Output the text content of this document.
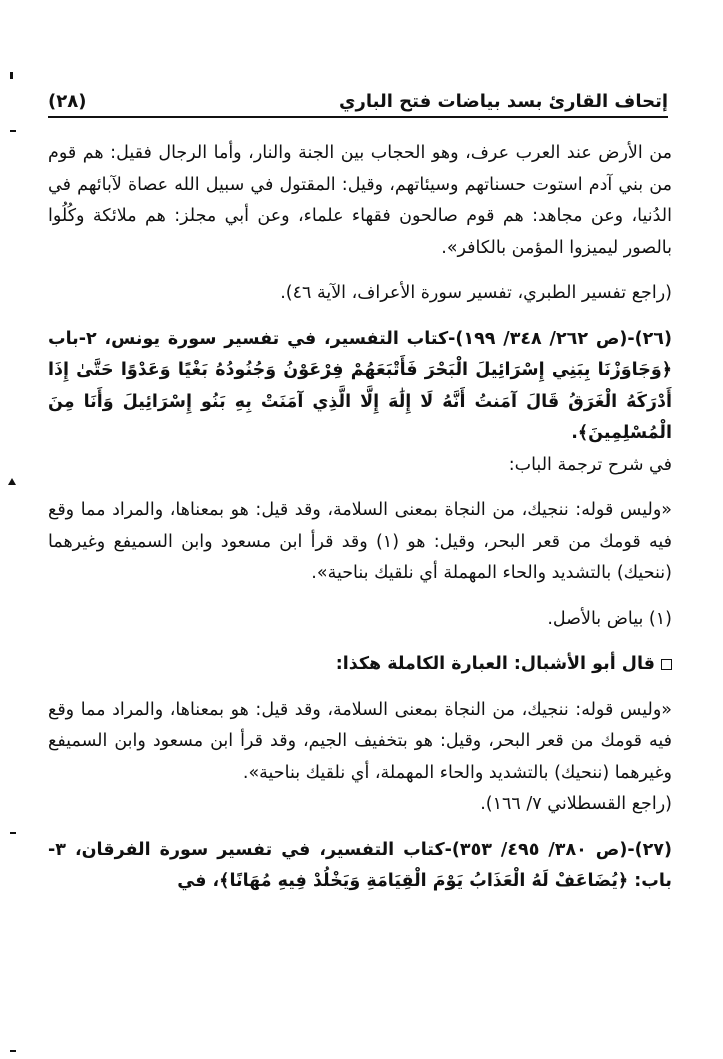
إتحاف القارئ بسد بياضات فتح الباري
(٢٨)

من الأرض عند العرب عرف، وهو الحجاب بين الجنة والنار، وأما الرجال فقيل: هم قوم من بني آدم استوت حسناتهم وسيئاتهم، وقيل: المقتول في سبيل الله عصاة لآبائهم في الدُنيا، وعن مجاهد: هم قوم صالحون فقهاء علماء، وعن أبي مجلز: هم ملائكة وكُلُوا بالصور ليميزوا المؤمن بالكافر».

(راجع تفسير الطبري، تفسير سورة الأعراف، الآية ٤٦).

(٢٦)-(ص ٢٦٢/ ٣٤٨/ ١٩٩)-كتاب التفسير، في تفسير سورة يونس، ٢-باب ﴿وَجَاوَزْنَا بِبَنِي إِسْرَائِيلَ الْبَحْرَ فَأَتْبَعَهُمْ فِرْعَوْنُ وَجُنُودُهُ بَغْيًا وَعَدْوًا حَتَّىٰ إِذَا أَدْرَكَهُ الْغَرَقُ قَالَ آمَنتُ أَنَّهُ لَا إِلَٰهَ إِلَّا الَّذِي آمَنَتْ بِهِ بَنُو إِسْرَائِيلَ وَأَنَا مِنَ الْمُسْلِمِينَ﴾.

في شرح ترجمة الباب:

«وليس قوله: ننجيك، من النجاة بمعنى السلامة، وقد قيل: هو بمعناها، والمراد مما وقع فيه قومك من قعر البحر، وقيل: هو (١) وقد قرأ ابن مسعود وابن السميفع وغيرهما (ننحيك) بالتشديد والحاء المهملة أي نلقيك بناحية».

(١) بياض بالأصل.

قال أبو الأشبال: العبارة الكاملة هكذا:

«وليس قوله: ننجيك، من النجاة بمعنى السلامة، وقد قيل: هو بمعناها، والمراد مما وقع فيه قومك من قعر البحر، وقيل: هو بتخفيف الجيم، وقد قرأ ابن مسعود وابن السميفع وغيرهما (ننحيك) بالتشديد والحاء المهملة، أي نلقيك بناحية».

(راجع القسطلاني ٧/ ١٦٦).

(٢٧)-(ص ٣٨٠/ ٤٩٥/ ٣٥٣)-كتاب التفسير، في تفسير سورة الفرقان، ٣-باب: ﴿يُضَاعَفْ لَهُ الْعَذَابُ يَوْمَ الْقِيَامَةِ وَيَخْلُدْ فِيهِ مُهَانًا﴾، في
